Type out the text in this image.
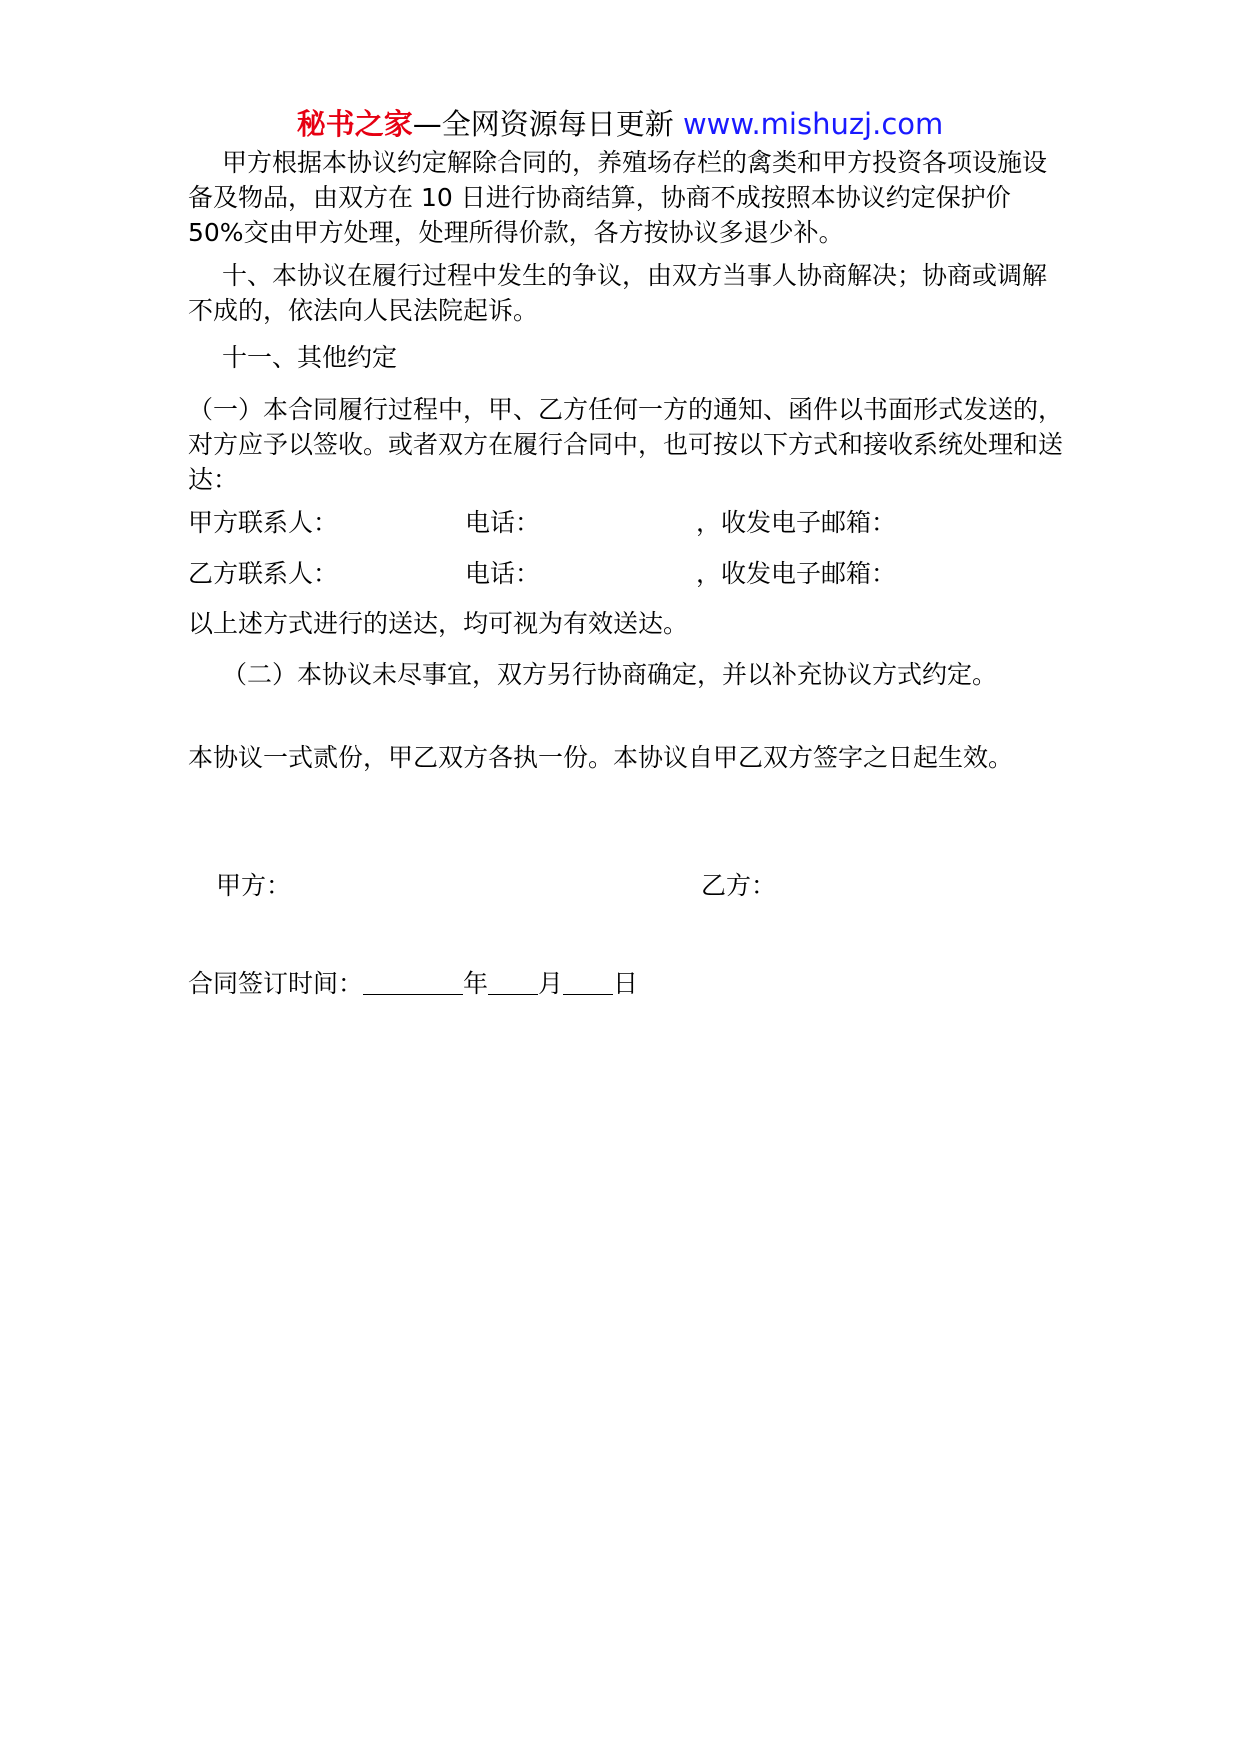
秘书之家—全网资源每日更新 www.mishuzj.com

甲方根据本协议约定解除合同的，养殖场存栏的禽类和甲方投资各项设施设备及物品，由双方在 10 日进行协商结算，协商不成按照本协议约定保护价 50%交由甲方处理，处理所得价款，各方按协议多退少补。

十、本协议在履行过程中发生的争议，由双方当事人协商解决；协商或调解不成的，依法向人民法院起诉。

十一、其他约定

（一）本合同履行过程中，甲、乙方任何一方的通知、函件以书面形式发送的，对方应予以签收。或者双方在履行合同中，也可按以下方式和接收系统处理和送达：

甲方联系人：	电话：	，收发电子邮箱：
乙方联系人：	电话：	，收发电子邮箱：

以上述方式进行的送达，均可视为有效送达。

（二）本协议未尽事宜，双方另行协商确定，并以补充协议方式约定。

本协议一式贰份，甲乙双方各执一份。本协议自甲乙双方签字之日起生效。

甲方：	乙方：
合同签订时间：＿＿＿＿年＿＿月＿＿日
